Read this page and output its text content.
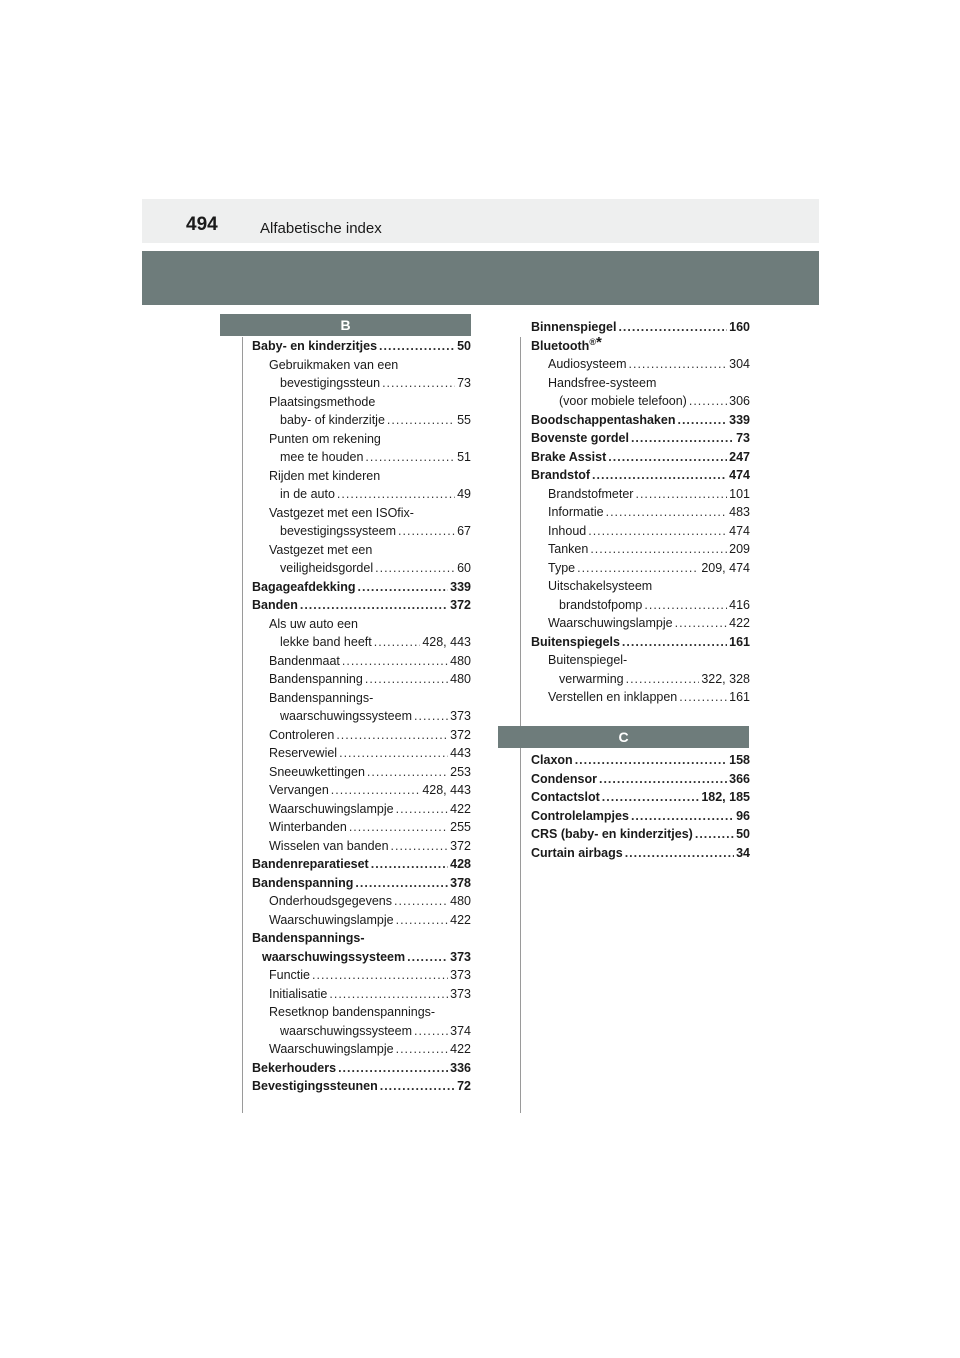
494	Alfabetische index
B
C
Baby- en kinderzitjes .....	50
Gebruikmaken van een
bevestigingssteun .....	73
Plaatsingsmethode
baby- of kinderzitje .....	55
Punten om rekening
mee te houden .....	51
Rijden met kinderen
in de auto .....	49
Vastgezet met een ISOfix-
bevestigingssysteem .....	67
Vastgezet met een
veiligheidsgordel .....	60
Bagageafdekking .....	339
Banden .....	372
Als uw auto een
lekke band heeft .....	428, 443
Bandenmaat .....	480
Bandenspanning .....	480
Bandenspannings-
waarschuwingssysteem .....	373
Controleren .....	372
Reservewiel .....	443
Sneeuwkettingen .....	253
Vervangen .....	428, 443
Waarschuwingslampje .....	422
Winterbanden .....	255
Wisselen van banden .....	372
Bandenreparatieset .....	428
Bandenspanning .....	378
Onderhoudsgegevens .....	480
Waarschuwingslampje .....	422
Bandenspannings-
waarschuwingssysteem .....	373
Functie .....	373
Initialisatie .....	373
Resetknop bandenspannings-
waarschuwingssysteem .....	374
Waarschuwingslampje .....	422
Bekerhouders .....	336
Bevestigingssteunen .....	72
Binnenspiegel .....	160
Bluetooth®*
Audiosysteem .....	304
Handsfree-systeem
(voor mobiele telefoon) .....	306
Boodschappentashaken .....	339
Bovenste gordel .....	73
Brake Assist .....	247
Brandstof .....	474
Brandstofmeter .....	101
Informatie .....	483
Inhoud .....	474
Tanken .....	209
Type .....	209, 474
Uitschakelsysteem
brandstofpomp .....	416
Waarschuwingslampje .....	422
Buitenspiegels .....	161
Buitenspiegel-
verwarming .....	322, 328
Verstellen en inklappen .....	161
Claxon .....	158
Condensor .....	366
Contactslot .....	182, 185
Controlelampjes .....	96
CRS (baby- en kinderzitjes) .....	50
Curtain airbags .....	34
